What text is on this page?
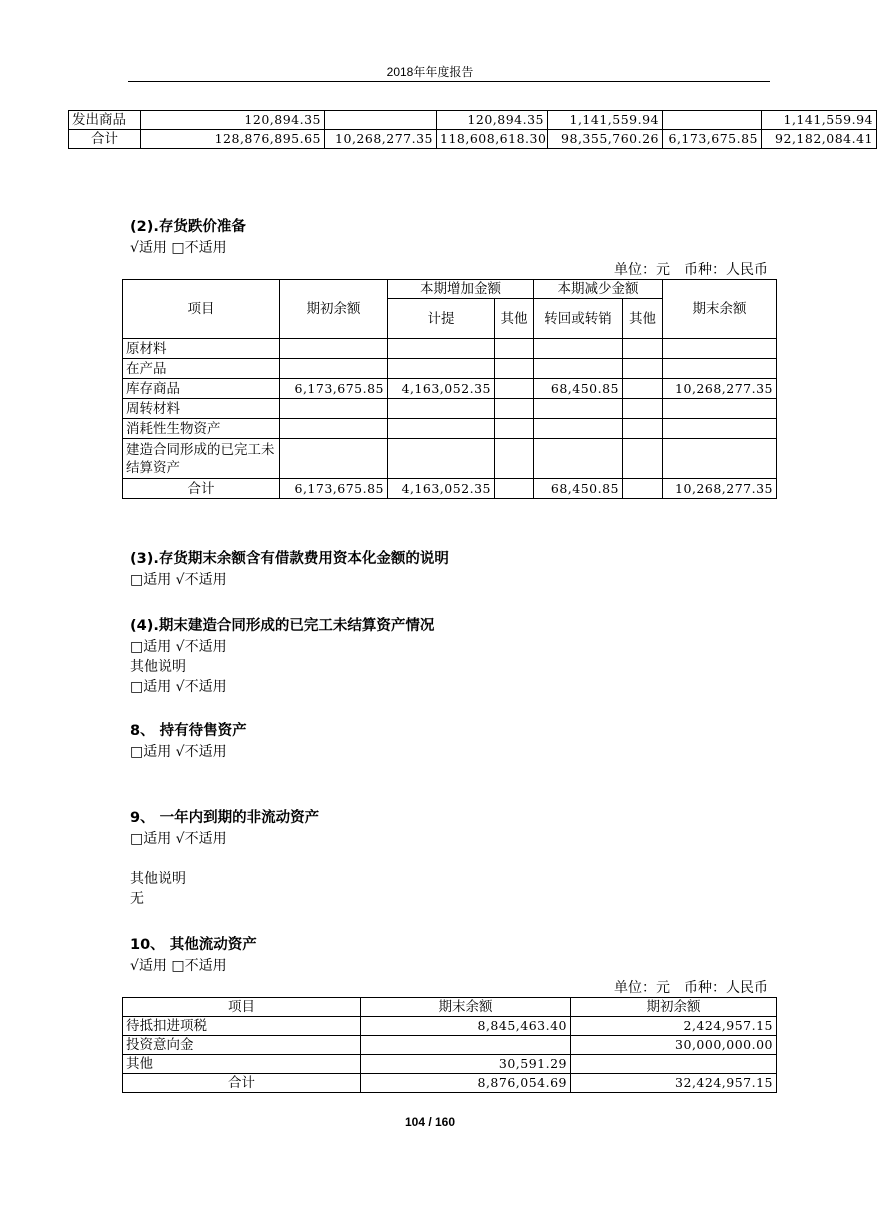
2018年年度报告
发出商品	120,894.35		120,894.35	1,141,559.94		1,141,559.94
合计	128,876,895.65	10,268,277.35	118,608,618.30	98,355,760.26	6,173,675.85	92,182,084.41
(2).存货跌价准备
√适用 □不适用
单位：元　币种：人民币
项目	期初余额	本期增加金额		本期减少金额		期末余额
		计提	其他	转回或转销	其他	
原材料						
在产品						
库存商品	6,173,675.85	4,163,052.35		68,450.85		10,268,277.35
周转材料						
消耗性生物资产						
建造合同形成的已完工未结算资产						
合计	6,173,675.85	4,163,052.35		68,450.85		10,268,277.35
(3).存货期末余额含有借款费用资本化金额的说明
□适用 √不适用
(4).期末建造合同形成的已完工未结算资产情况
□适用 √不适用
其他说明
□适用 √不适用
8、 持有待售资产
□适用 √不适用
9、 一年内到期的非流动资产
□适用 √不适用
其他说明
无
10、 其他流动资产
√适用 □不适用
单位：元　币种：人民币
项目	期末余额	期初余额
待抵扣进项税	8,845,463.40	2,424,957.15
投资意向金		30,000,000.00
其他	30,591.29	
合计	8,876,054.69	32,424,957.15
104 / 160
